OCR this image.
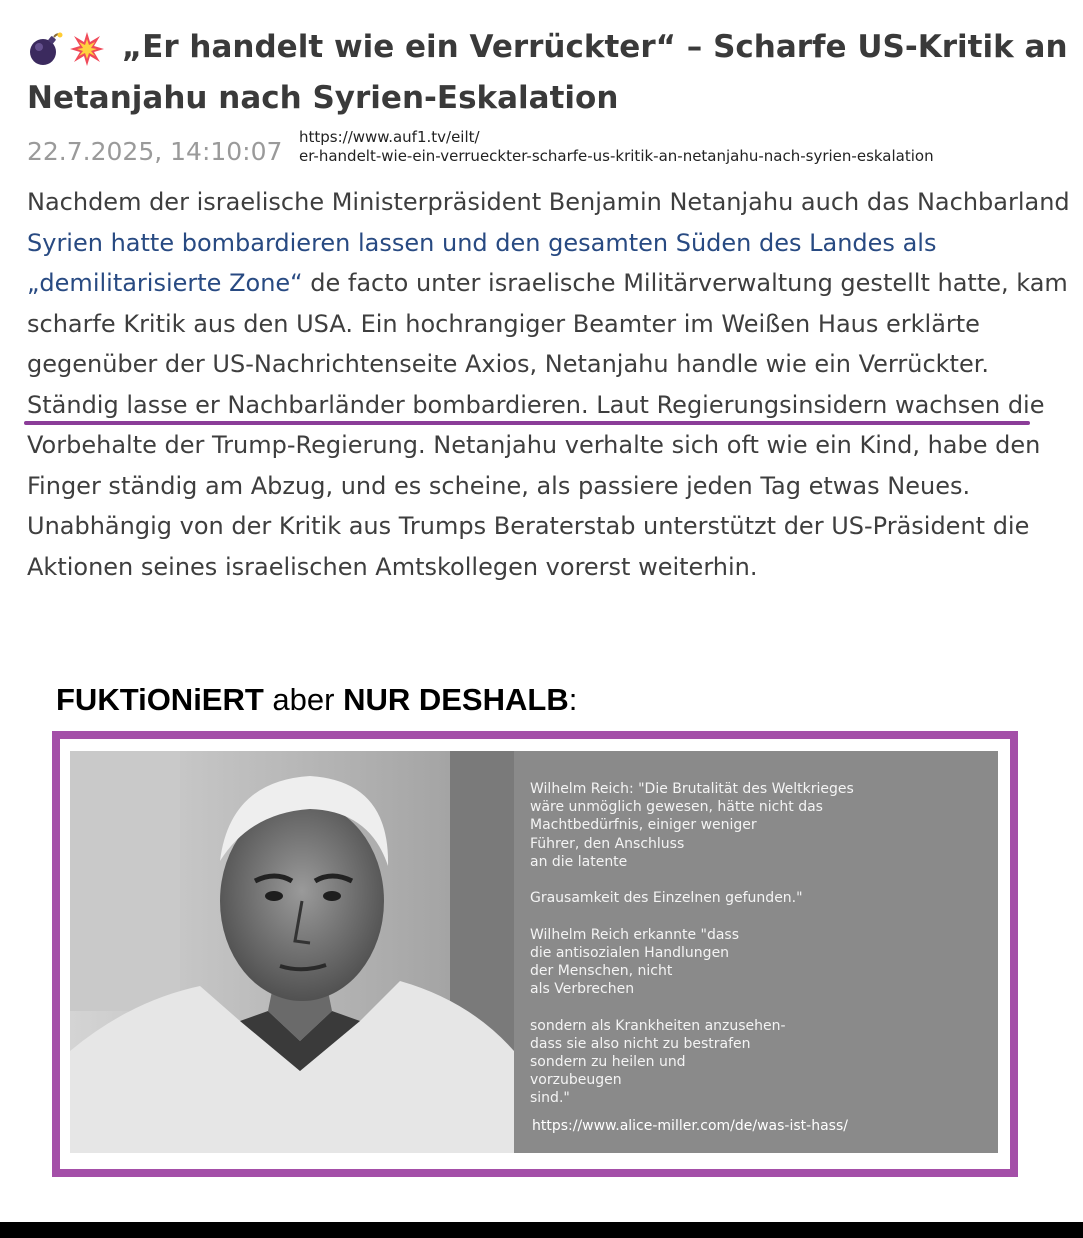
„Er handelt wie ein Verrückter“ – Scharfe US-Kritik an Netanjahu nach Syrien-Eskalation
22.7.2025, 14:10:07 https://www.auf1.tv/eilt/
er-handelt-wie-ein-verrueckter-scharfe-us-kritik-an-netanjahu-nach-syrien-eskalation

Nachdem der israelische Ministerpräsident Benjamin Netanjahu auch das Nachbarland Syrien hatte bombardieren lassen und den gesamten Süden des Landes als „demilitarisierte Zone“ de facto unter israelische Militärverwaltung gestellt hatte, kam scharfe Kritik aus den USA. Ein hochrangiger Beamter im Weißen Haus erklärte gegenüber der US-Nachrichtenseite Axios, Netanjahu handle wie ein Verrückter. Ständig lasse er Nachbarländer bombardieren. Laut Regierungsinsidern wachsen die Vorbehalte der Trump-Regierung. Netanjahu verhalte sich oft wie ein Kind, habe den Finger ständig am Abzug, und es scheine, als passiere jeden Tag etwas Neues. Unabhängig von der Kritik aus Trumps Beraterstab unterstützt der US-Präsident die Aktionen seines israelischen Amtskollegen vorerst weiterhin.

FUKTiONiERT aber NUR DESHALB:
Wilhelm Reich: "Die Brutalität des Weltkrieges
wäre unmöglich gewesen, hätte nicht das
Machtbedürfnis, einiger weniger
Führer, den Anschluss
an die latente
Grausamkeit des Einzelnen gefunden."
Wilhelm Reich erkannte "dass
die antisozialen Handlungen
der Menschen, nicht
als Verbrechen
sondern als Krankheiten anzusehen-
dass sie also nicht zu bestrafen
sondern zu heilen und
vorzubeugen
sind."
https://www.alice-miller.com/de/was-ist-hass/
